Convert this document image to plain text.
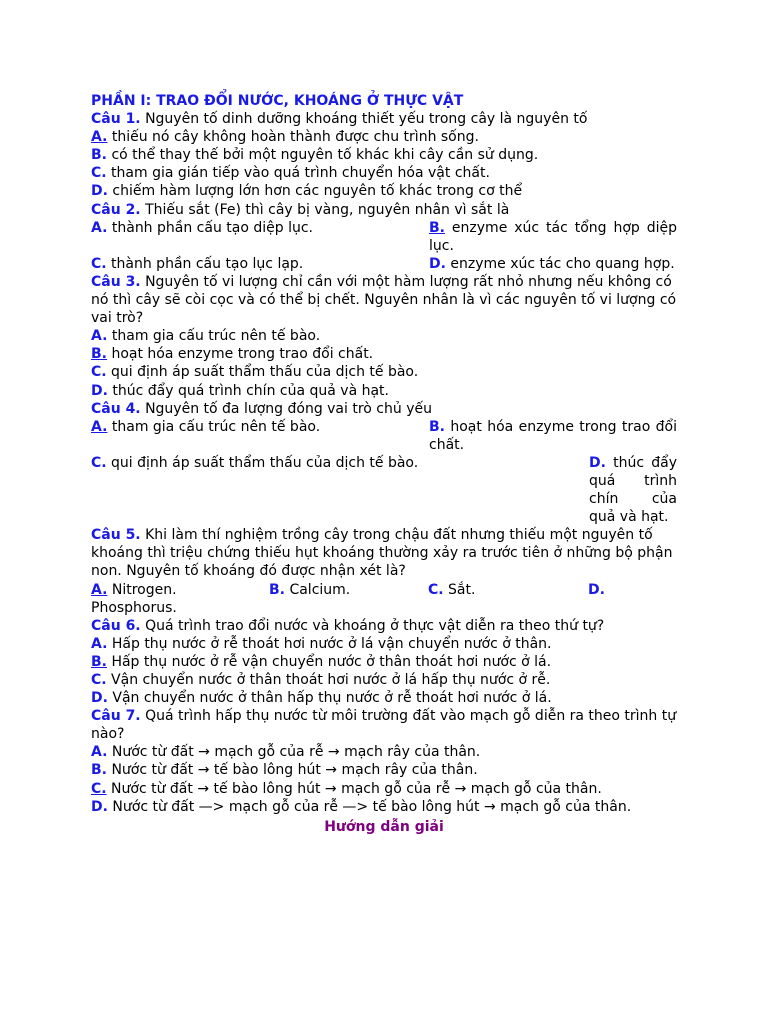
PHẦN I: TRAO ĐỔI NƯỚC, KHOÁNG Ở THỰC VẬT
Câu 1. Nguyên tố dinh dưỡng khoáng thiết yếu trong cây là nguyên tố
A. thiếu nó cây không hoàn thành được chu trình sống.
B. có thể thay thế bởi một nguyên tố khác khi cây cần sử dụng.
C. tham gia gián tiếp vào quá trình chuyển hóa vật chất.
D. chiếm hàm lượng lớn hơn các nguyên tố khác trong cơ thể
Câu 2. Thiếu sắt (Fe) thì cây bị vàng, nguyên nhân vì sắt là
A. thành phần cấu tạo diệp lục.	B. enzyme xúc tác tổng hợp diệp lục.
C. thành phần cấu tạo lục lạp.	D. enzyme xúc tác cho quang hợp.
Câu 3. Nguyên tố vi lượng chỉ cần với một hàm lượng rất nhỏ nhưng nếu không có nó thì cây sẽ còi cọc và có thể bị chết. Nguyên nhân là vì các nguyên tố vi lượng có vai trò?
A. tham gia cấu trúc nên tế bào.
B. hoạt hóa enzyme trong trao đổi chất.
C. qui định áp suất thẩm thấu của dịch tế bào.
D. thúc đẩy quá trình chín của quả và hạt.
Câu 4. Nguyên tố đa lượng đóng vai trò chủ yếu
A. tham gia cấu trúc nên tế bào.	B. hoạt hóa enzyme trong trao đổi chất.
C. qui định áp suất thẩm thấu của dịch tế bào.	D. thúc đẩy quá trình chín của quả và hạt.
Câu 5. Khi làm thí nghiệm trồng cây trong chậu đất nhưng thiếu một nguyên tố khoáng thì triệu chứng thiếu hụt khoáng thường xảy ra trước tiên ở những bộ phận non. Nguyên tố khoáng đó được nhận xét là?
A. Nitrogen.	B. Calcium.	C. Sắt.	D.
Phosphorus.
Câu 6. Quá trình trao đổi nước và khoáng ở thực vật diễn ra theo thứ tự?
A. Hấp thụ nước ở rễ thoát hơi nước ở lá vận chuyển nước ở thân.
B. Hấp thụ nước ở rễ vận chuyển nước ở thân thoát hơi nước ở lá.
C. Vận chuyển nước ở thân thoát hơi nước ở lá hấp thụ nước ở rễ.
D. Vận chuyển nước ở thân hấp thụ nước ở rễ thoát hơi nước ở lá.
Câu 7. Quá trình hấp thụ nước từ môi trường đất vào mạch gỗ diễn ra theo trình tự nào?
A. Nước từ đất → mạch gỗ của rễ → mạch rây của thân.
B. Nước từ đất → tế bào lông hút → mạch rây của thân.
C. Nước từ đất → tế bào lông hút → mạch gỗ của rễ → mạch gỗ của thân.
D. Nước từ đất —> mạch gỗ của rễ —> tế bào lông hút → mạch gỗ của thân.
Hướng dẫn giải
